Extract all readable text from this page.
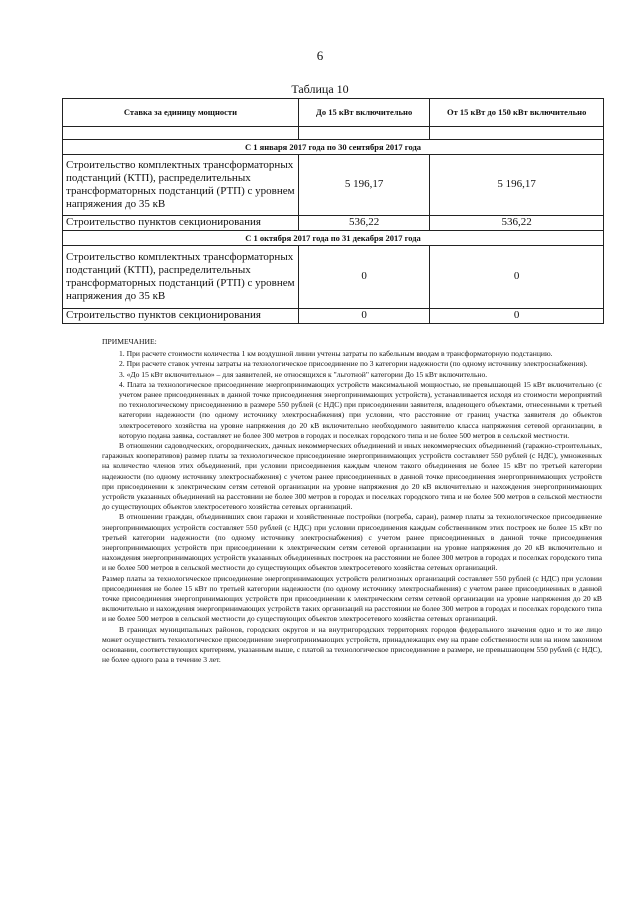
6
Таблица 10
Ставка за единицу мощности	До 15 кВт включительно	От 15 кВт до 150 кВт включительно

С 1 января 2017 года по 30 сентября 2017 года		
Строительство комплектных трансформаторных подстанций (КТП), распределительных трансформаторных подстанций (РТП) с уровнем напряжения до 35 кВ	5 196,17	5 196,17
Строительство пунктов секционирования	536,22	536,22
С 1 октября 2017 года по 31 декабря 2017 года		
Строительство комплектных трансформаторных подстанций (КТП), распределительных трансформаторных подстанций (РТП) с уровнем напряжения до 35 кВ	0	0
Строительство пунктов секционирования	0	0

ПРИМЕЧАНИЕ:

1. При расчете стоимости количества 1 км воздушной линии учтены затраты по кабельным вводам в трансформаторную подстанцию.

2. При расчете ставок учтены затраты на технологическое присоединение по 3 категории надежности (по одному источнику электроснабжения).

3. «До 15 кВт включительно» – для заявителей, не относящихся к "льготной" категории До 15 кВт включительно.

4. Плата за технологическое присоединение энергопринимающих устройств максимальной мощностью, не превышающей 15 кВт включительно (с учетом ранее присоединенных в данной точке присоединения энергопринимающих устройств), устанавливается исходя из стоимости мероприятий по технологическому присоединению в размере 550 рублей (с НДС) при присоединении заявителя, владеющего объектами, отнесенными к третьей категории надежности (по одному источнику электроснабжения) при условии, что расстояние от границ участка заявителя до объектов электросетевого хозяйства на уровне напряжения до 20 кВ включительно необходимого заявителю класса напряжения сетевой организации, в которую подана заявка, составляет не более 300 метров в городах и поселках городского типа и не более 500 метров в сельской местности.

В отношении садоводческих, огороднических, дачных некоммерческих объединений и иных некоммерческих объединений (гаражно-строительных, гаражных кооперативов) размер платы за технологическое присоединение энергопринимающих устройств составляет 550 рублей (с НДС), умноженных на количество членов этих объединений, при условии присоединения каждым членом такого объединения не более 15 кВт по третьей категории надежности (по одному источнику электроснабжения) с учетом ранее присоединенных в данной точке присоединения энергопринимающих устройств при присоединении к электрическим сетям сетевой организации на уровне напряжения до 20 кВ включительно и нахождения энергопринимающих устройств указанных объединений на расстоянии не более 300 метров в городах и поселках городского типа и не более 500 метров в сельской местности до существующих объектов электросетевого хозяйства сетевых организаций.

В отношении граждан, объединивших свои гаражи и хозяйственные постройки (погреба, сараи), размер платы за технологическое присоединение энергопринимающих устройств составляет 550 рублей (с НДС) при условии присоединения каждым собственником этих построек не более 15 кВт по третьей категории надежности (по одному источнику электроснабжения) с учетом ранее присоединенных в данной точке присоединения энергопринимающих устройств при присоединении к электрическим сетям сетевой организации на уровне напряжения до 20 кВ включительно и нахождения энергопринимающих устройств указанных объединенных построек на расстоянии не более 300 метров в городах и поселках городского типа и не более 500 метров в сельской местности до существующих объектов электросетевого хозяйства сетевых организаций.

Размер платы за технологическое присоединение энергопринимающих устройств религиозных организаций составляет 550 рублей (с НДС) при условии присоединения не более 15 кВт по третьей категории надежности (по одному источнику электроснабжения) с учетом ранее присоединенных в данной точке присоединения энергопринимающих устройств при присоединении к электрическим сетям сетевой организации на уровне напряжения до 20 кВ включительно и нахождения энергопринимающих устройств таких организаций на расстоянии не более 300 метров в городах и поселках городского типа и не более 500 метров в сельской местности до существующих объектов электросетевого хозяйства сетевых организаций.

В границах муниципальных районов, городских округов и на внутригородских территориях городов федерального значения одно и то же лицо может осуществить технологическое присоединение энергопринимающих устройств, принадлежащих ему на праве собственности или на ином законном основании, соответствующих критериям, указанным выше, с платой за технологическое присоединение в размере, не превышающем 550 рублей (с НДС), не более одного раза в течение 3 лет.
